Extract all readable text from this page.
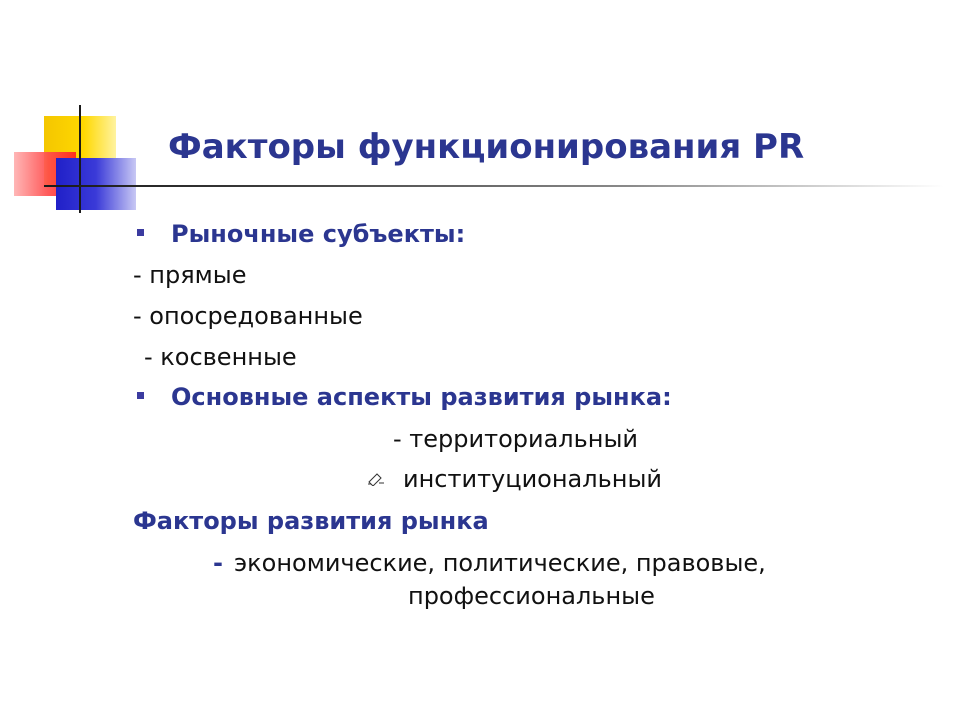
Факторы функционирования PR

Рыночные субъекты:

- прямые

- опосредованные

- косвенные

Основные аспекты развития рынка:

- территориальный

институциональный

Факторы развития рынка

- экономические, политические, правовые,

профессиональные
